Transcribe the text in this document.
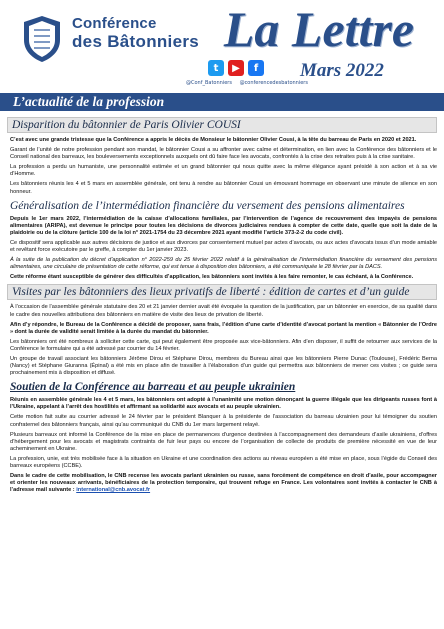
Conférence
des Bâtonniers La Lettre
t	▶	f	Mars 2022
@Conf_Batonniers @conferencedesbatonniers
L’actualité de la profession
Disparition du bâtonnier de Paris Olivier COUSI

C’est avec une grande tristesse que la Conférence a appris le décès de Monsieur le bâtonnier Olivier Cousi, à la tête du barreau de Paris en 2020 et 2021.

Garant de l’unité de notre profession pendant son mandat, le bâtonnier Cousi a su affronter avec calme et détermination, en lien avec la Conférence des bâtonniers et le Conseil national des barreaux, les bouleversements exceptionnels auxquels ont dû faire face les avocats, confrontés à la crise des retraites puis à la crise sanitaire.

La profession a perdu un humaniste, une personnalité estimée et un grand bâtonnier qui nous quitte avec la même élégance ayant présidé à son action et à sa vie d’Homme.

Les bâtonniers réunis les 4 et 5 mars en assemblée générale, ont tenu à rendre au bâtonnier Cousi un émouvant hommage en observant une minute de silence en son honneur.

Généralisation de l’intermédiation financière du versement des pensions alimentaires

Depuis le 1er mars 2022, l’intermédiation de la caisse d’allocations familiales, par l’intervention de l’agence de recouvrement des impayés de pensions alimentaires (ARIPA), est devenue le principe pour toutes les décisions de divorces judiciaires rendues à compter de cette date, quelle que soit la date de la plaidoirie ou de la clôture (article 100 de la loi n° 2021-1754 du 23 décembre 2021 ayant modifié l’article 373-2-2 du code civil).

Ce dispositif sera applicable aux autres décisions de justice et aux divorces par consentement mutuel par actes d’avocats, ou aux actes d’avocats issus d’un mode amiable et revêtant force exécutoire par le greffe, à compter du 1er janvier 2023.

À la suite de la publication du décret d’application n° 2022-259 du 25 février 2022 relatif à la généralisation de l’intermédiation financière du versement des pensions alimentaires, une circulaire de présentation de cette réforme, qui est tenue à disposition des bâtonniers, a été communiquée le 28 février par la DACS.

Cette réforme étant susceptible de générer des difficultés d’application, les bâtonniers sont invités à les faire remonter, le cas échéant, à la Conférence.

Visites par les bâtonniers des lieux privatifs de liberté : édition de cartes et d’un guide

À l’occasion de l’assemblée générale statutaire des 20 et 21 janvier dernier avait été évoquée la question de la justification, par un bâtonnier en exercice, de sa qualité dans le cadre des nouvelles attributions des bâtonniers en matière de visite des lieux de privation de liberté.

Afin d’y répondre, le Bureau de la Conférence a décidé de proposer, sans frais, l’édition d’une carte d’identité d’avocat portant la mention « Bâtonnier de l’Ordre » dont la durée de validité serait limitée à la durée du mandat du bâtonnier.

Les bâtonniers ont été nombreux à solliciter cette carte, qui peut également être proposée aux vice-bâtonniers. Afin d’en disposer, il suffit de retourner aux services de la Conférence le formulaire qui a été adressé par courrier du 14 février.

Un groupe de travail associant les bâtonniers Jérôme Dirou et Stéphane Dirou, membres du Bureau ainsi que les bâtonniers Pierre Dunac (Toulouse), Frédéric Berna (Nancy) et Stéphane Giuranna (Épinal) a été mis en place afin de travailler à l’élaboration d’un guide qui permettra aux bâtonniers de mener ces visites ; ce guide sera prochainement mis à disposition et diffusé.

Soutien de la Conférence au barreau et au peuple ukrainien

Réunis en assemblée générale les 4 et 5 mars, les bâtonniers ont adopté à l’unanimité une motion dénonçant la guerre illégale que les dirigeants russes font à l’Ukraine, appelant à l’arrêt des hostilités et affirmant sa solidarité aux avocats et au peuple ukrainien.

Cette motion fait suite au courrier adressé le 24 février par le président Blanquer à la présidente de l’association du barreau ukrainien pour lui témoigner du soutien confraternel des bâtonniers français, ainsi qu’au communiqué du CNB du 1er mars largement relayé.

Plusieurs barreaux ont informé la Conférence de la mise en place de permanences d’urgence destinées à l’accompagnement des demandeurs d’asile ukrainiens, d’offres d’hébergement pour les avocats et magistrats contraints de fuir leur pays ou encore de l’organisation de collecte de produits de première nécessité en vue de leur acheminement en Ukraine.

La profession, unie, est très mobilisée face à la situation en Ukraine et une coordination des actions au niveau européen a été mise en place, sous l’égide du Conseil des barreaux européens (CCBE).

Dans le cadre de cette mobilisation, le CNB recense les avocats parlant ukrainien ou russe, sans forcément de compétence en droit d’asile, pour accompagner et orienter les nouveaux arrivants, bénéficiaires de la protection temporaire, qui trouvent refuge en France. Les volontaires sont invités à contacter le CNB à l’adresse mail suivante : international@cnb.avocat.fr
